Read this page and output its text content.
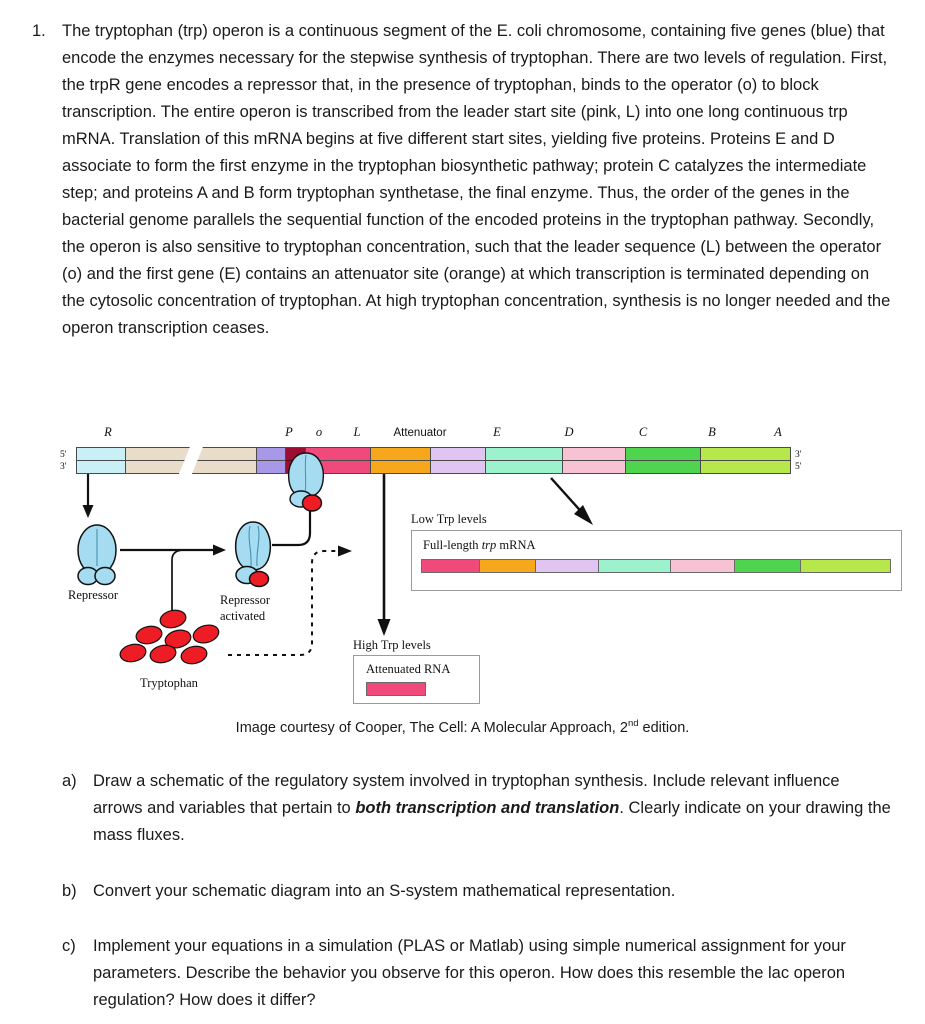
1. The tryptophan (trp) operon is a continuous segment of the E. coli chromosome, containing five genes (blue) that encode the enzymes necessary for the stepwise synthesis of tryptophan. There are two levels of regulation. First, the trpR gene encodes a repressor that, in the presence of tryptophan, binds to the operator (o) to block transcription. The entire operon is transcribed from the leader start site (pink, L) into one long continuous trp mRNA. Translation of this mRNA begins at five different start sites, yielding five proteins. Proteins E and D associate to form the first enzyme in the tryptophan biosynthetic pathway; protein C catalyzes the intermediate step; and proteins A and B form tryptophan synthetase, the final enzyme. Thus, the order of the genes in the bacterial genome parallels the sequential function of the encoded proteins in the tryptophan pathway. Secondly, the operon is also sensitive to tryptophan concentration, such that the leader sequence (L) between the operator (o) and the first gene (E) contains an attenuator site (orange) at which transcription is terminated depending on the cytosolic concentration of tryptophan. At high tryptophan concentration, synthesis is no longer needed and the operon transcription ceases.
R	P o	L	Attenuator	E	D	C	B	A
5'
3'
3'
5'
Repressor	Repressor
activated
Tryptophan
Low Trp levels
Full-length trp mRNA
High Trp levels
Attenuated RNA
Image courtesy of Cooper, The Cell: A Molecular Approach, 2nd edition.
a) Draw a schematic of the regulatory system involved in tryptophan synthesis. Include relevant influence arrows and variables that pertain to both transcription and translation. Clearly indicate on your drawing the mass fluxes.
b) Convert your schematic diagram into an S-system mathematical representation.
c)	Implement your equations in a simulation (PLAS or Matlab) using simple numerical assignment for your parameters. Describe the behavior you observe for this operon. How does this resemble the lac operon regulation? How does it differ?
